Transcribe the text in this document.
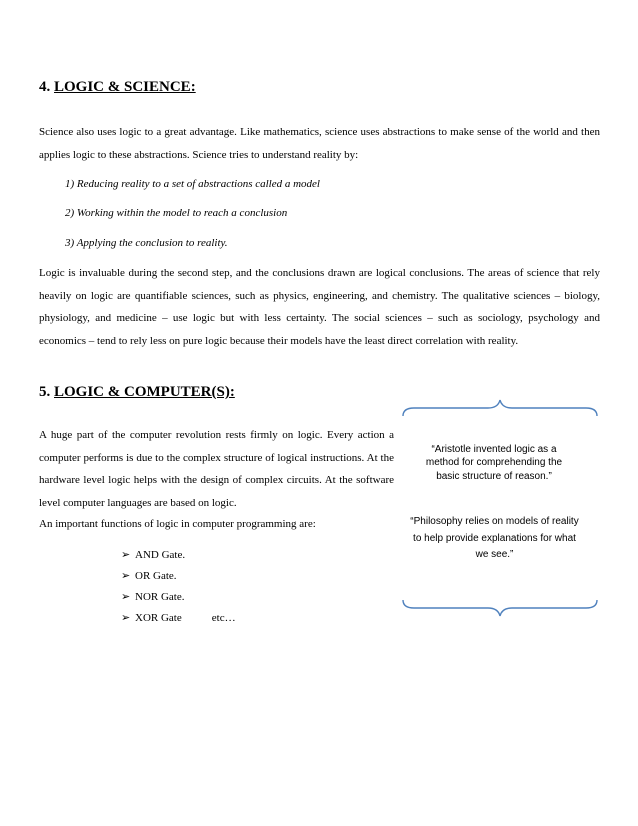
4. LOGIC & SCIENCE:
Science also uses logic to a great advantage. Like mathematics, science uses abstractions to make sense of the world and then applies logic to these abstractions. Science tries to understand reality by:
1) Reducing reality to a set of abstractions called a model
2) Working within the model to reach a conclusion
3) Applying the conclusion to reality.
Logic is invaluable during the second step, and the conclusions drawn are logical conclusions. The areas of science that rely heavily on logic are quantifiable sciences, such as physics, engineering, and chemistry. The qualitative sciences – biology, physiology, and medicine – use logic but with less certainty. The social sciences – such as sociology, psychology and economics – tend to rely less on pure logic because their models have the least direct correlation with reality.
5. LOGIC & COMPUTER(S):
A huge part of the computer revolution rests firmly on logic. Every action a computer performs is due to the complex structure of logical instructions. At the hardware level logic helps with the design of complex circuits. At the software level computer languages are based on logic.
An important functions of logic in computer programming are:
➢ AND Gate.
➢ OR Gate.
➢ NOR Gate.
➢ XOR Gate	etc…
“Aristotle invented logic as a method for comprehending the basic structure of reason.”
“Philosophy relies on models of reality to help provide explanations for what we see.”
